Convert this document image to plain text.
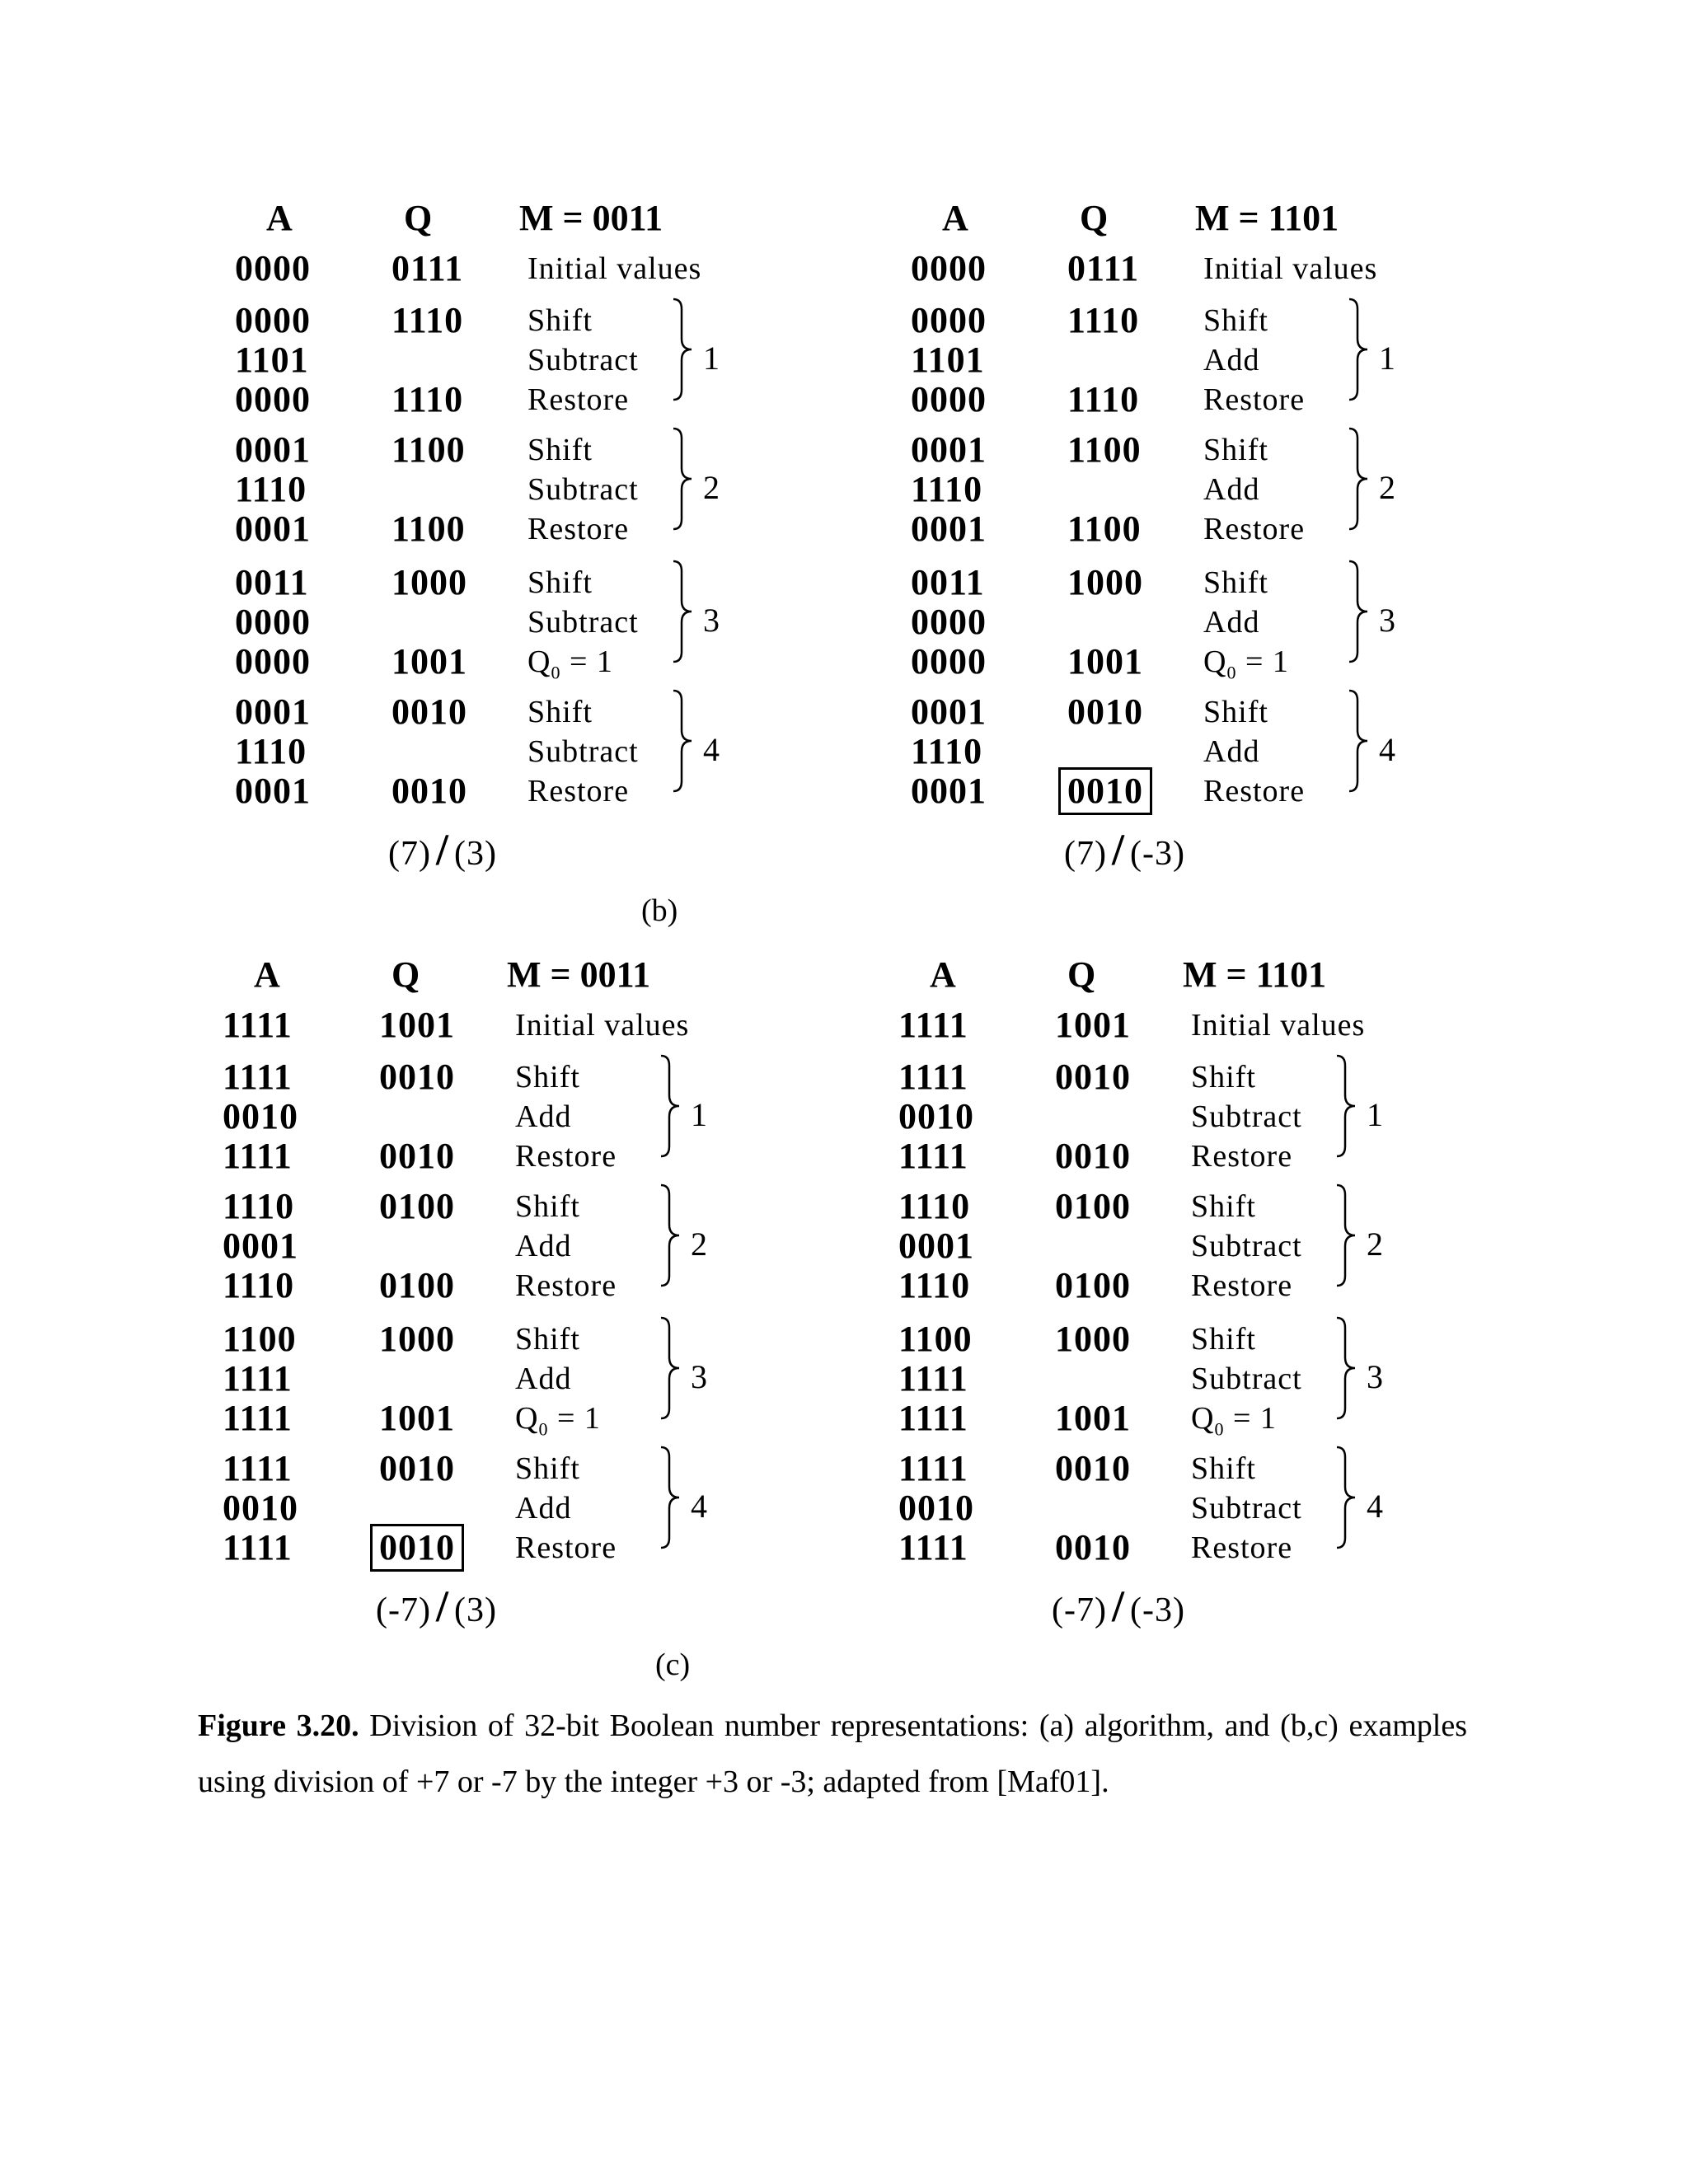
A	Q M = 0011
0000 0111 Initial values
0000 1110 Shift
1101	Subtract
0000 1110 Restore
1
0001 1100 Shift
1110	Subtract
0001 1100 Restore
2
0011 1000 Shift
0000	Subtract
0000 1001 $Q_0 = 1$
3
0001 0010 Shift
1110	Subtract
0001 0010 Restore
4
(7) / (3)
A	Q M = 1101
0000 0111 Initial values
0000 1110 Shift
1101	Add
0000 1110 Restore
1
0001 1100 Shift
1110	Add
0001 1100 Restore
2
0011 1000 Shift
0000	Add
0000 1001 $Q_0 = 1$
3
0001 0010 Shift
1110	Add
0001 0010 Restore
4
(7) / (-3)
(b)
A	Q M = 0011
1111 1001 Initial values
1111 0010 Shift
0010	Add
1111 0010 Restore
1
1110 0100 Shift
0001	Add
1110 0100 Restore
2
1100 1000 Shift
1111	Add
1111 1001 $Q_0 = 1$
3
1111 0010 Shift
0010	Add
1111 0010 Restore
4
(-7) / (3)
A	Q M = 1101
1111 1001 Initial values
1111 0010 Shift
0010	Subtract
1111 0010 Restore
1
1110 0100 Shift
0001	Subtract
1110 0100 Restore
2
1100 1000 Shift
1111	Subtract
1111 1001 $Q_0 = 1$
3
1111 0010 Shift
0010	Subtract
1111 0010 Restore
4
(-7) / (-3)
(c)
Figure 3.20. Division of 32-bit Boolean number representations: (a) algorithm, and (b,c) examples using division of +7 or -7 by the integer +3 or -3; adapted from [Maf01].
